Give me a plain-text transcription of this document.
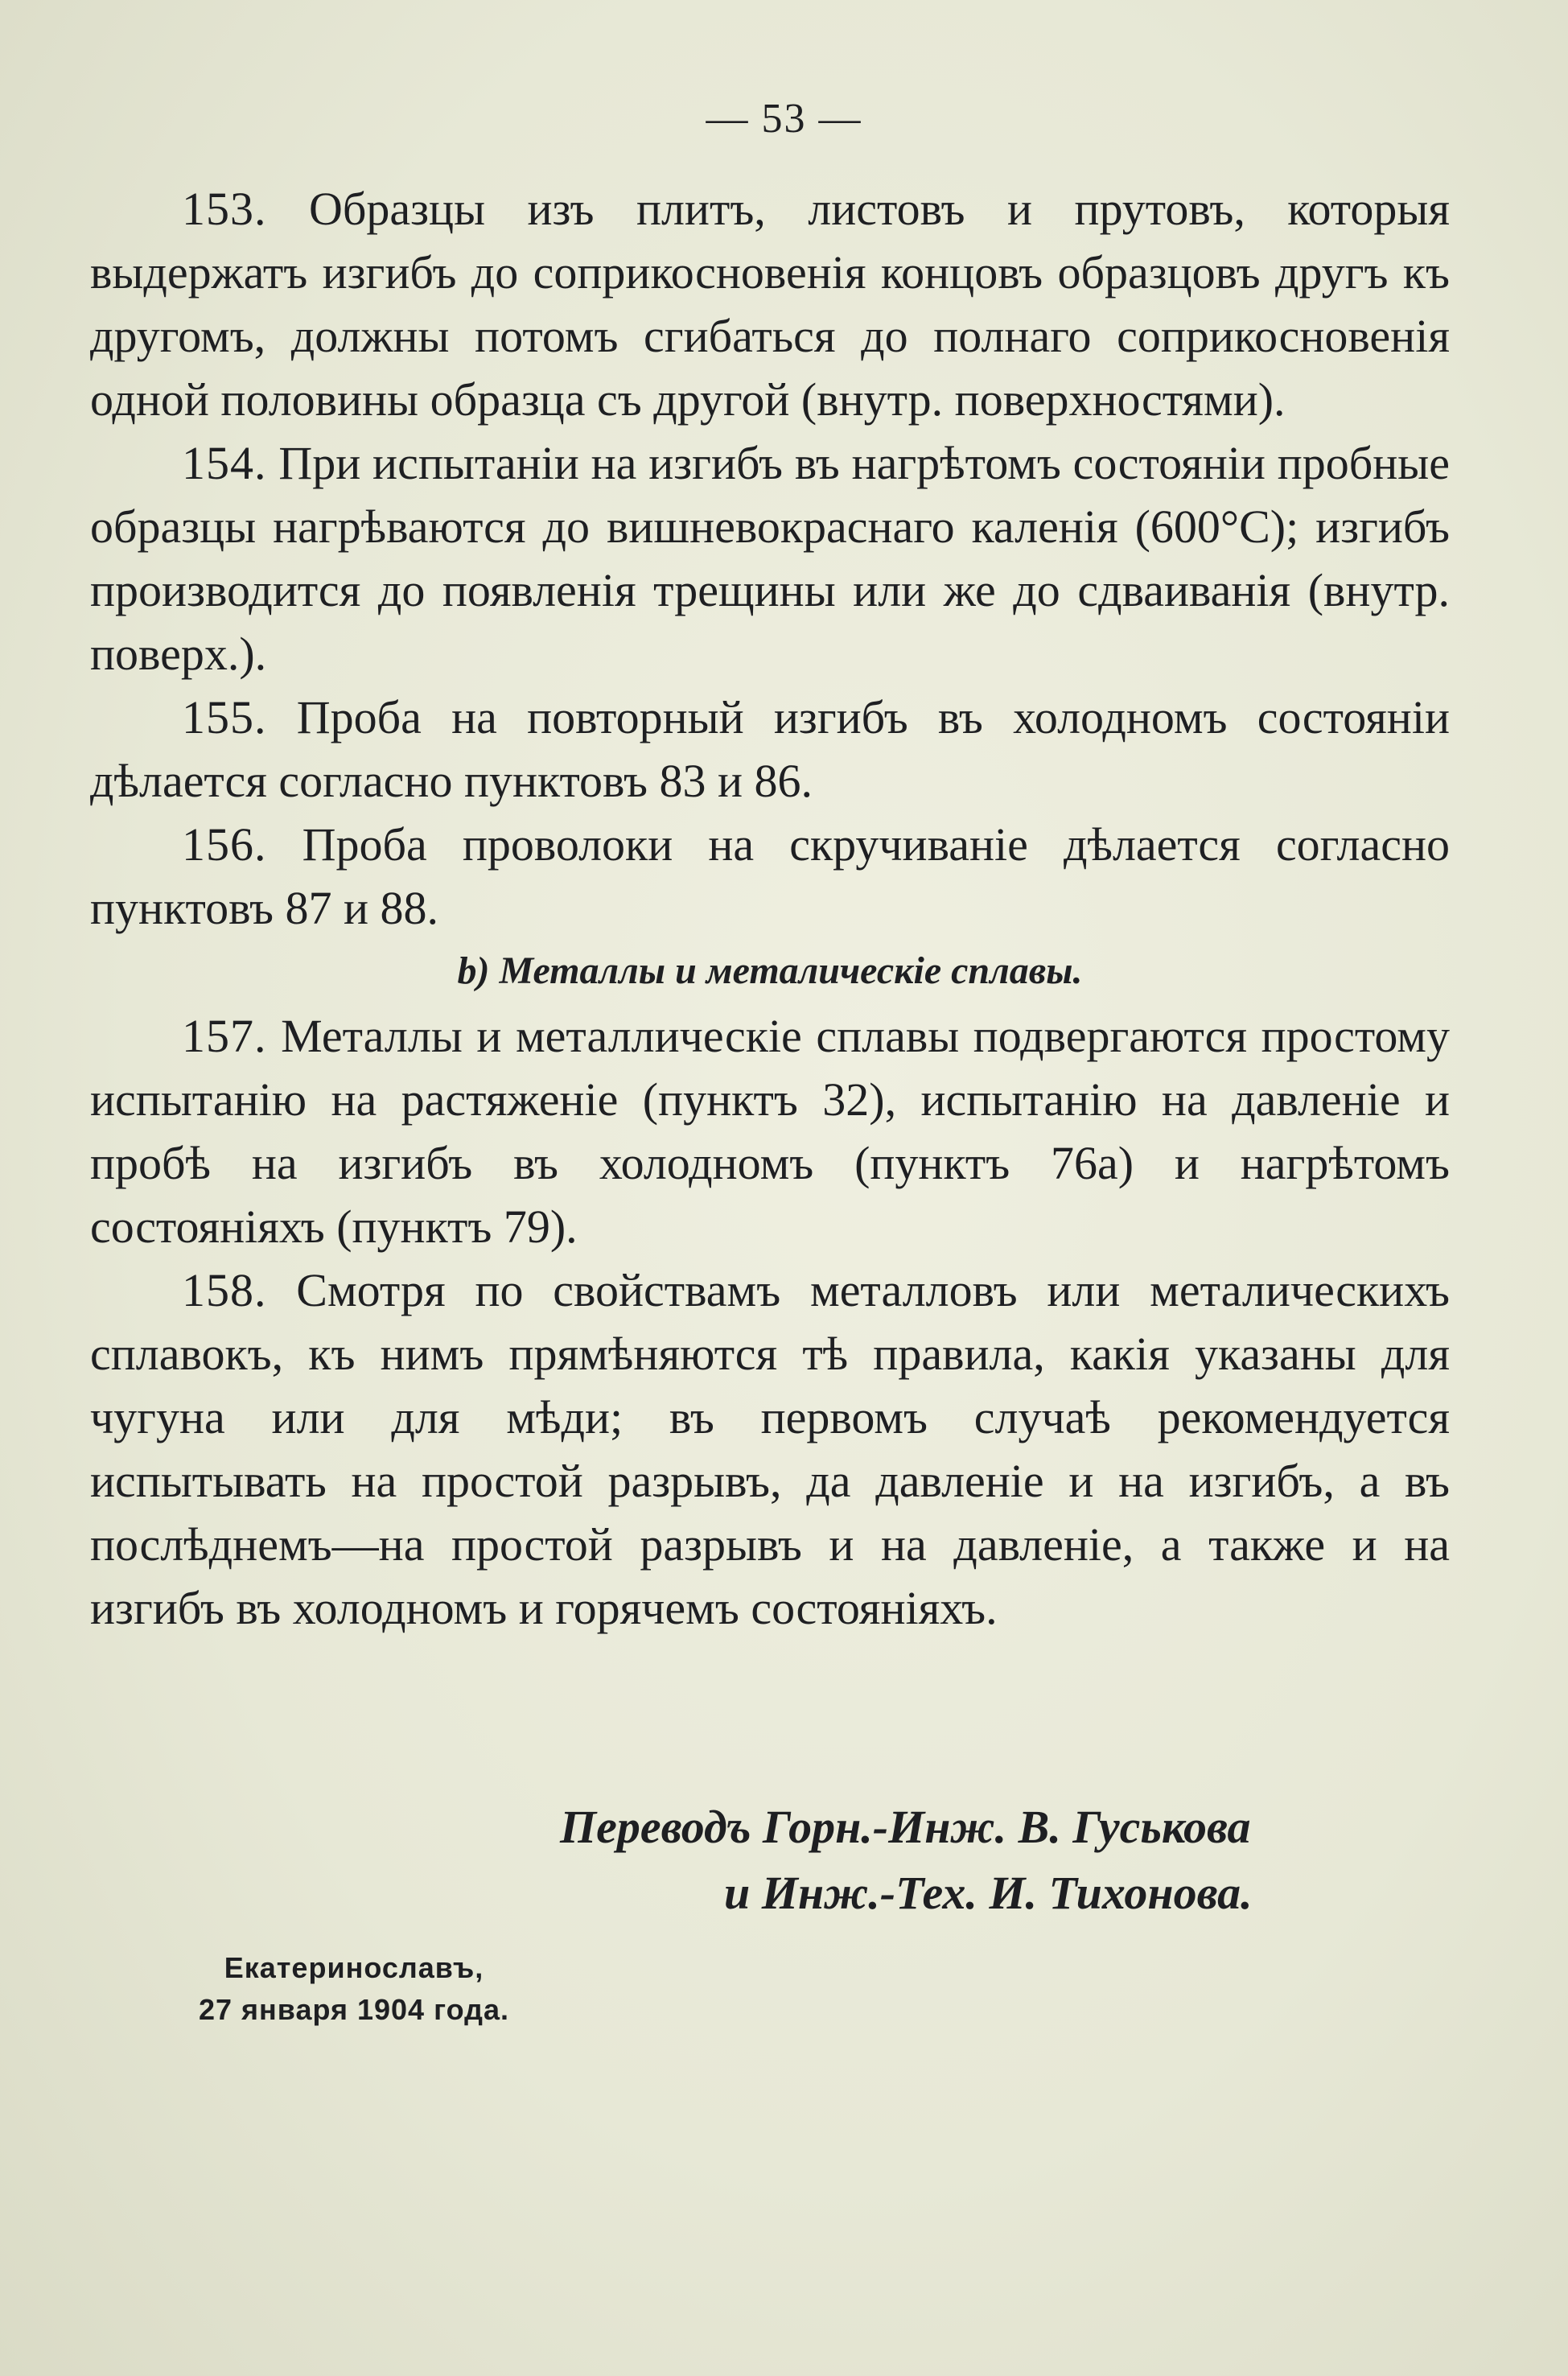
— 53 —

153. Образцы изъ плитъ, листовъ и прутовъ, которыя выдержатъ изгибъ до соприкосновенія концовъ образцовъ другъ къ другомъ, должны потомъ сгибаться до полнаго соприкосновенія одной половины образца съ другой (внутр. поверхностями).

154. При испытаніи на изгибъ въ нагрѣтомъ состояніи пробные образцы нагрѣваются до вишневокраснаго каленія (600°C); изгибъ производится до появленія трещины или же до сдваиванія (внутр. поверх.).

155. Проба на повторный изгибъ въ холодномъ состояніи дѣлается согласно пунктовъ 83 и 86.

156. Проба проволоки на скручиваніе дѣлается согласно пунктовъ 87 и 88.

b) Металлы и металическіе сплавы.

157. Металлы и металлическіе сплавы подвергаются простому испытанію на растяженіе (пунктъ 32), испытанію на давленіе и пробѣ на изгибъ въ холодномъ (пунктъ 76a) и нагрѣтомъ состояніяхъ (пунктъ 79).

158. Смотря по свойствамъ металловъ или металическихъ сплавокъ, къ нимъ прямѣняются тѣ правила, какія указаны для чугуна или для мѣди; въ первомъ случаѣ рекомендуется испытывать на простой разрывъ, да давленіе и на изгибъ, а въ послѣднемъ—на простой разрывъ и на давленіе, а также и на изгибъ въ холодномъ и горячемъ состояніяхъ.

Переводъ Горн.-Инж. В. Гуськова
и Инж.-Тех. И. Тихонова.
Екатеринославъ,
27 января 1904 года.
